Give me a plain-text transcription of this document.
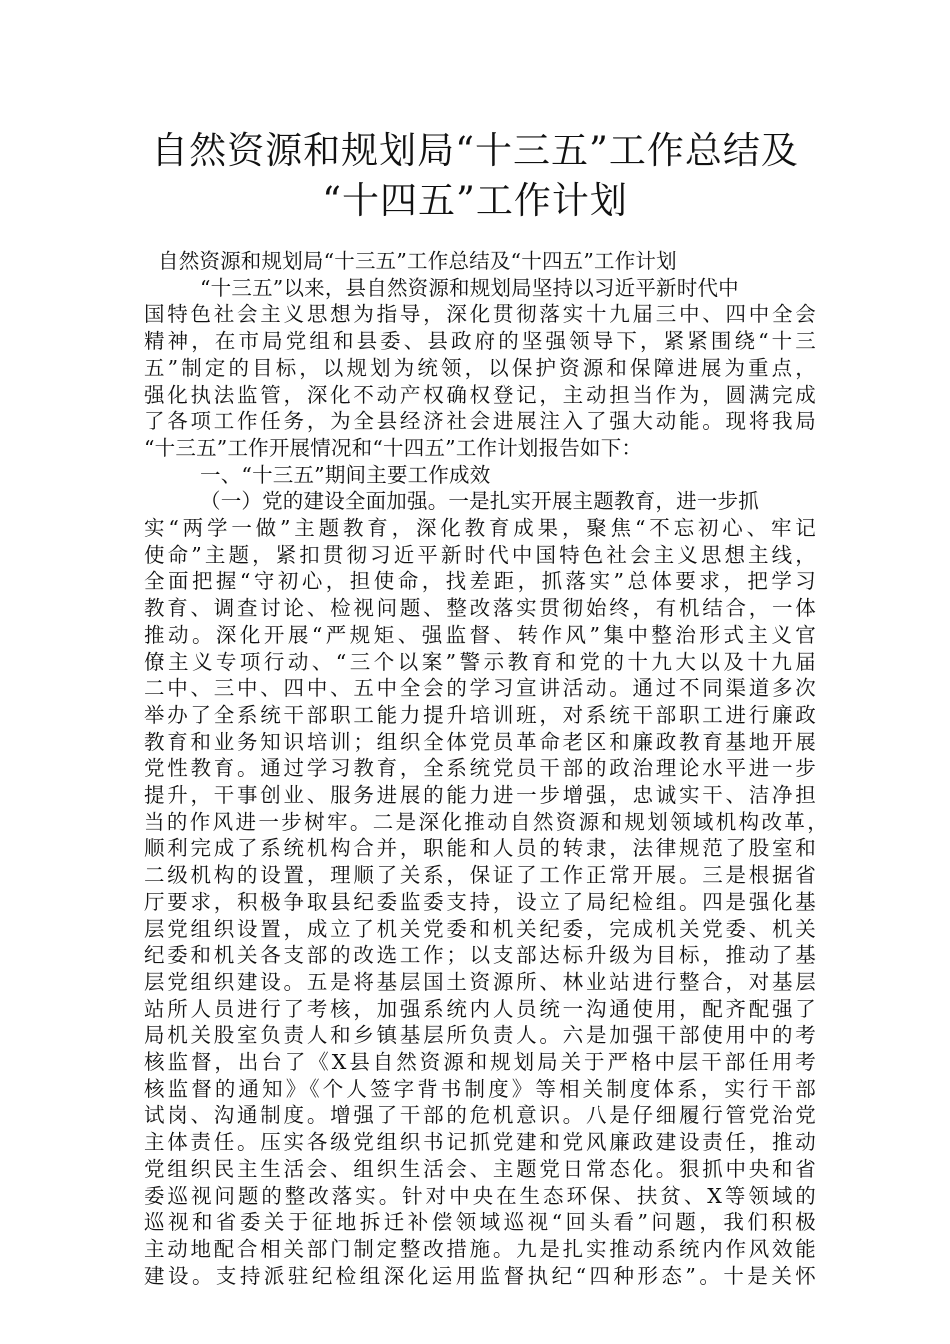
自然资源和规划局“十三五”工作总结及
“十四五”工作计划
自然资源和规划局“十三五”工作总结及“十四五”工作计划
“十三五”以来，县自然资源和规划局坚持以习近平新时代中
国特色社会主义思想为指导，深化贯彻落实十九届三中、四中全会
精神，在市局党组和县委、县政府的坚强领导下，紧紧围绕“十三
五”制定的目标，以规划为统领，以保护资源和保障进展为重点，
强化执法监管，深化不动产权确权登记，主动担当作为，圆满完成
了各项工作任务，为全县经济社会进展注入了强大动能。现将我局
“十三五”工作开展情况和“十四五”工作计划报告如下：
一、“十三五”期间主要工作成效
（一）党的建设全面加强。一是扎实开展主题教育，进一步抓
实“两学一做”主题教育，深化教育成果，聚焦“不忘初心、牢记
使命”主题，紧扣贯彻习近平新时代中国特色社会主义思想主线，
全面把握“守初心，担使命，找差距，抓落实”总体要求，把学习
教育、调查讨论、检视问题、整改落实贯彻始终，有机结合，一体
推动。深化开展“严规矩、强监督、转作风”集中整治形式主义官
僚主义专项行动、“三个以案”警示教育和党的十九大以及十九届
二中、三中、四中、五中全会的学习宣讲活动。通过不同渠道多次
举办了全系统干部职工能力提升培训班，对系统干部职工进行廉政
教育和业务知识培训；组织全体党员革命老区和廉政教育基地开展
党性教育。通过学习教育，全系统党员干部的政治理论水平进一步
提升，干事创业、服务进展的能力进一步增强，忠诚实干、洁净担
当的作风进一步树牢。二是深化推动自然资源和规划领域机构改革，
顺利完成了系统机构合并，职能和人员的转隶，法律规范了股室和
二级机构的设置，理顺了关系，保证了工作正常开展。三是根据省
厅要求，积极争取县纪委监委支持，设立了局纪检组。四是强化基
层党组织设置，成立了机关党委和机关纪委，完成机关党委、机关
纪委和机关各支部的改选工作；以支部达标升级为目标，推动了基
层党组织建设。五是将基层国土资源所、林业站进行整合，对基层
站所人员进行了考核，加强系统内人员统一沟通使用，配齐配强了
局机关股室负责人和乡镇基层所负责人。六是加强干部使用中的考
核监督，出台了《X县自然资源和规划局关于严格中层干部任用考
核监督的通知》《个人签字背书制度》等相关制度体系，实行干部
试岗、沟通制度。增强了干部的危机意识。八是仔细履行管党治党
主体责任。压实各级党组织书记抓党建和党风廉政建设责任，推动
党组织民主生活会、组织生活会、主题党日常态化。狠抓中央和省
委巡视问题的整改落实。针对中央在生态环保、扶贫、X等领域的
巡视和省委关于征地拆迁补偿领域巡视“回头看”问题，我们积极
主动地配合相关部门制定整改措施。九是扎实推动系统内作风效能
建设。支持派驻纪检组深化运用监督执纪“四种形态”。十是关怀
